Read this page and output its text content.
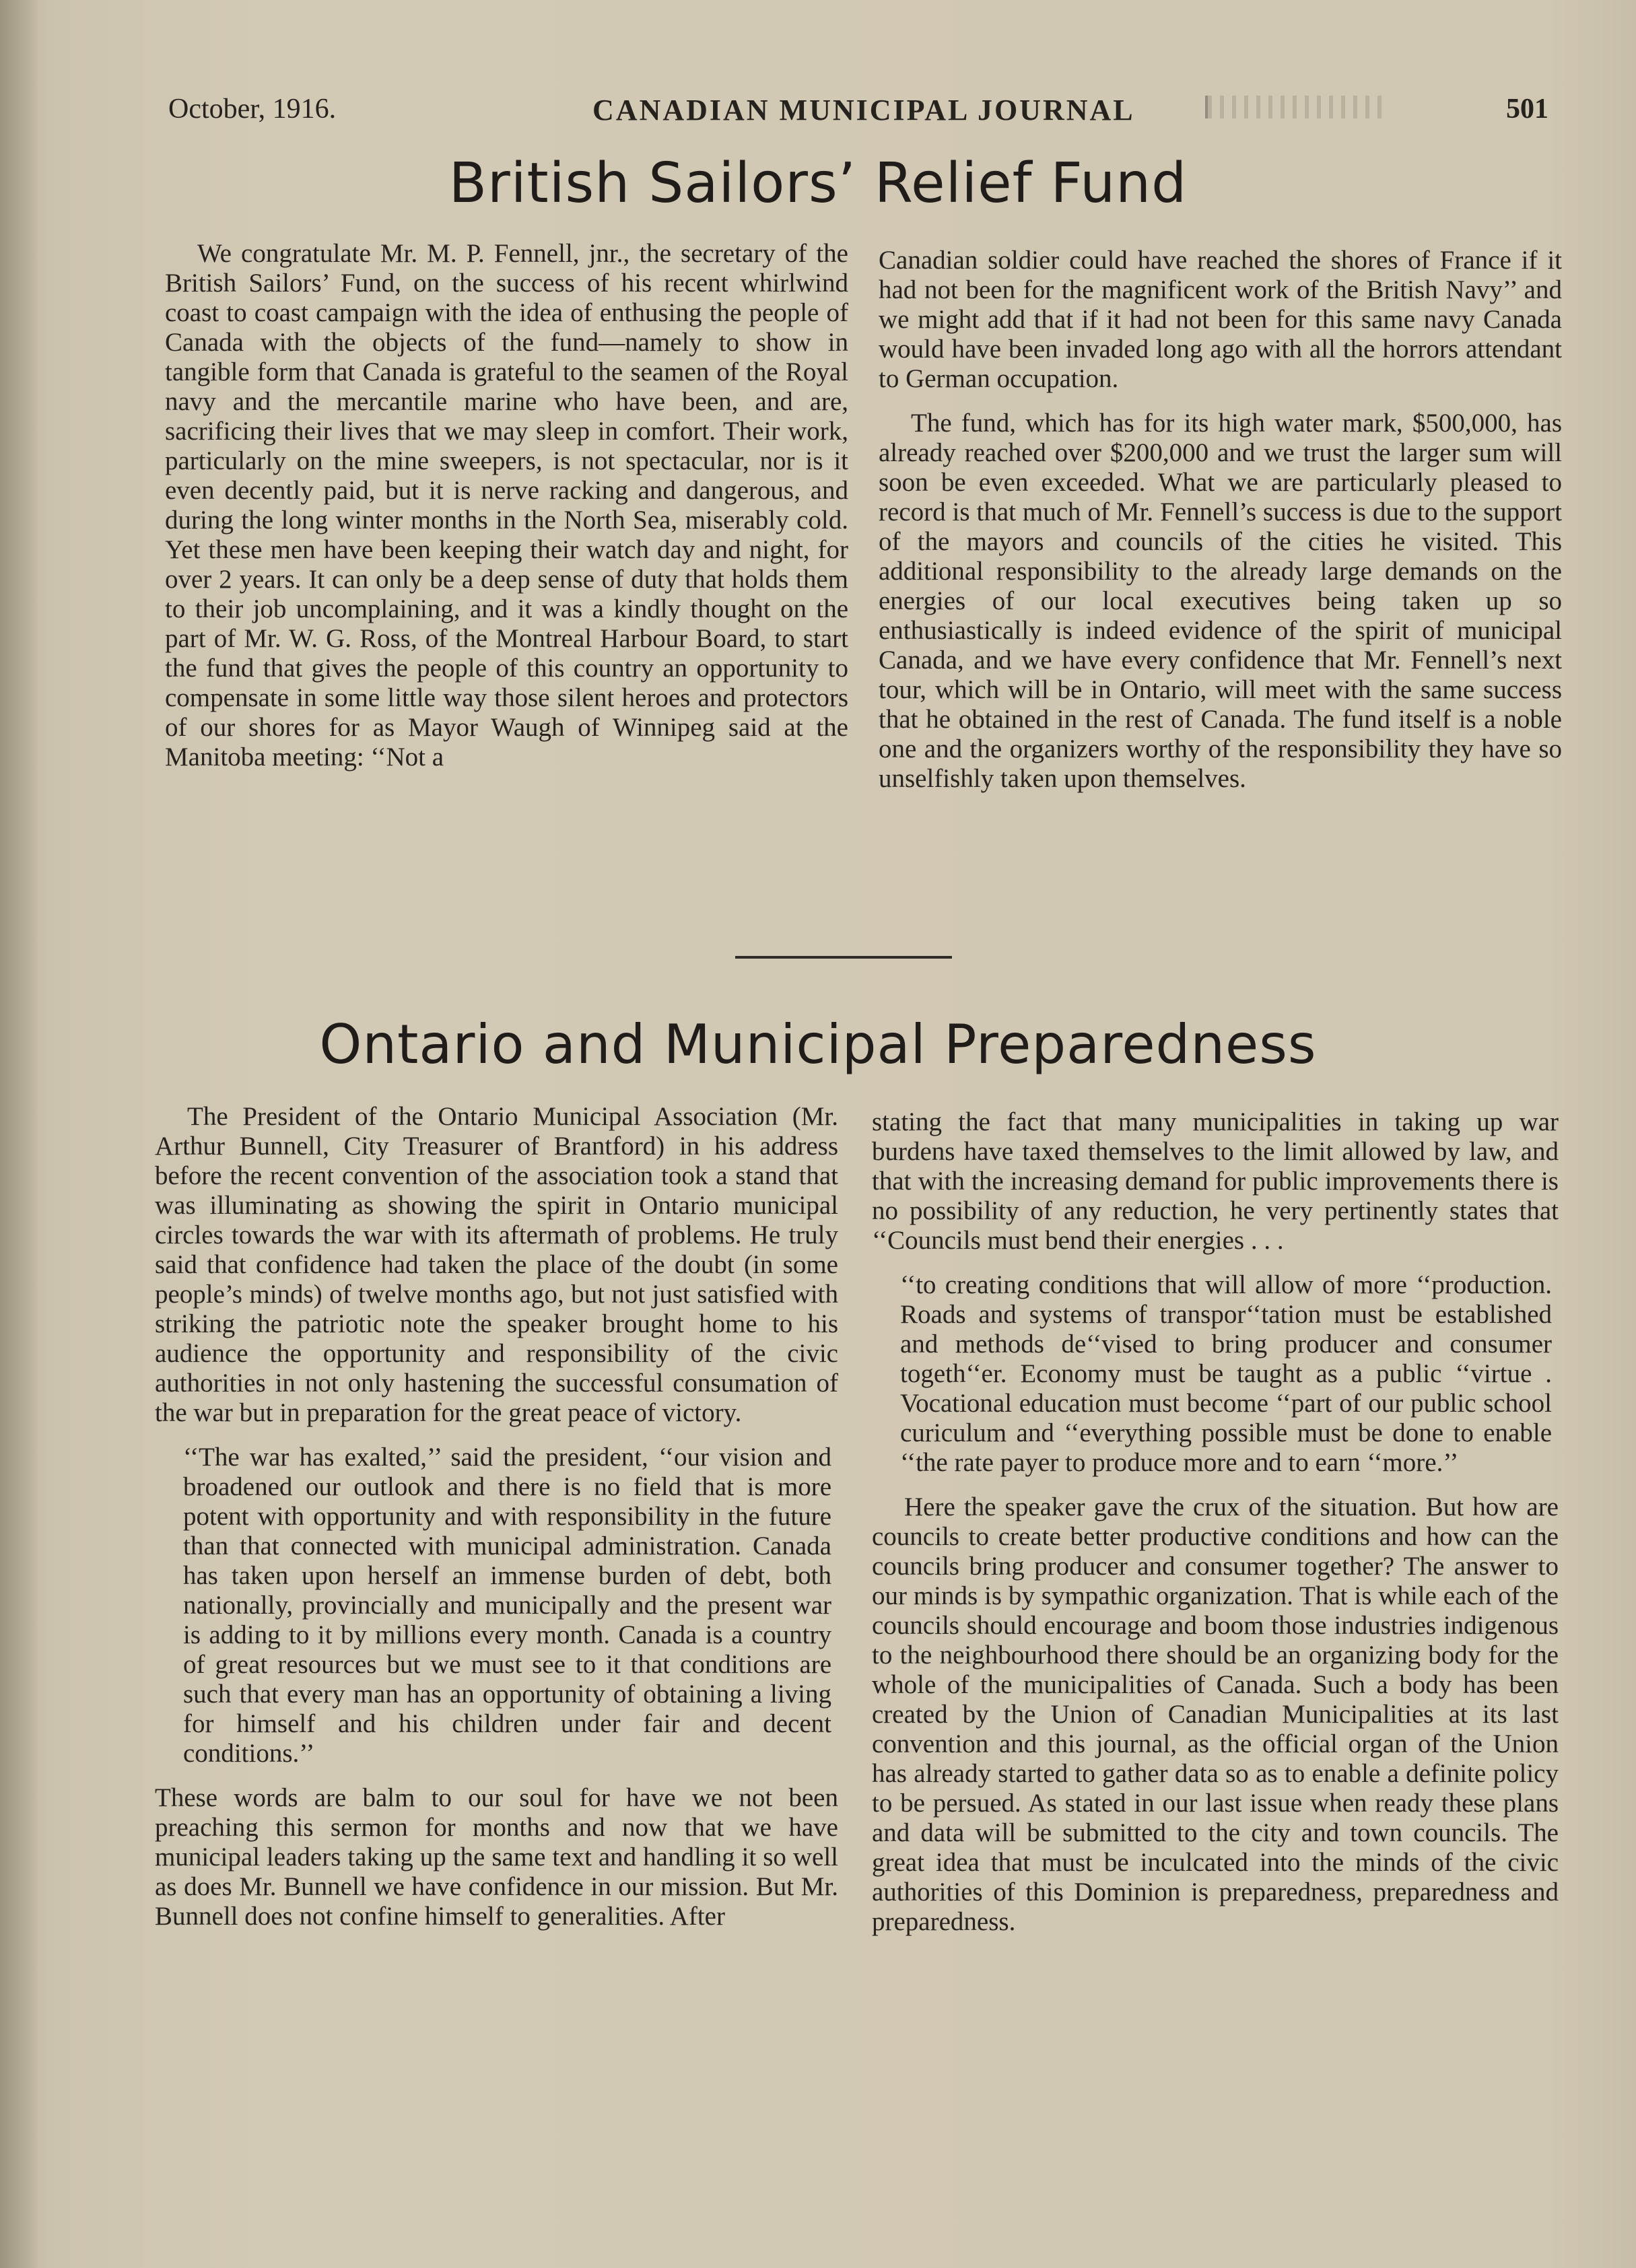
October, 1916.	CANADIAN MUNICIPAL JOURNAL	501
British Sailors’ Relief Fund

We congratulate Mr. M. P. Fennell, jnr., the secretary of the British Sailors’ Fund, on the success of his recent whirlwind coast to coast campaign with the idea of enthusing the people of Canada with the objects of the fund—namely to show in tangible form that Canada is grateful to the seamen of the Royal navy and the mercantile marine who have been, and are, sacrificing their lives that we may sleep in comfort. Their work, particularly on the mine sweepers, is not spectacular, nor is it even decently paid, but it is nerve racking and dangerous, and during the long winter months in the North Sea, miserably cold. Yet these men have been keeping their watch day and night, for over 2 years. It can only be a deep sense of duty that holds them to their job uncomplaining, and it was a kindly thought on the part of Mr. W. G. Ross, of the Montreal Harbour Board, to start the fund that gives the people of this country an opportunity to compensate in some little way those silent heroes and protectors of our shores for as Mayor Waugh of Winnipeg said at the Manitoba meeting: ‘‘Not a

Canadian soldier could have reached the shores of France if it had not been for the magnificent work of the British Navy’’ and we might add that if it had not been for this same navy Canada would have been invaded long ago with all the horrors attendant to German occupation.

The fund, which has for its high water mark, $500,000, has already reached over $200,000 and we trust the larger sum will soon be even exceeded. What we are particularly pleased to record is that much of Mr. Fennell’s success is due to the support of the mayors and councils of the cities he visited. This additional responsibility to the already large demands on the energies of our local executives being taken up so enthusiastically is indeed evidence of the spirit of municipal Canada, and we have every confidence that Mr. Fennell’s next tour, which will be in Ontario, will meet with the same success that he obtained in the rest of Canada. The fund itself is a noble one and the organizers worthy of the responsibility they have so unselfishly taken upon themselves.

Ontario and Municipal Preparedness

The President of the Ontario Municipal Association (Mr. Arthur Bunnell, City Treasurer of Brantford) in his address before the recent convention of the association took a stand that was illuminating as showing the spirit in Ontario municipal circles towards the war with its aftermath of problems. He truly said that confidence had taken the place of the doubt (in some people’s minds) of twelve months ago, but not just satisfied with striking the patriotic note the speaker brought home to his audience the opportunity and responsibility of the civic authorities in not only hastening the successful consumation of the war but in preparation for the great peace of victory.

‘‘The war has exalted,’’ said the president, ‘‘our vision and broadened our outlook and there is no field that is more potent with opportunity and with responsibility in the future than that connected with municipal administration. Canada has taken upon herself an immense burden of debt, both nationally, provincially and municipally and the present war is adding to it by millions every month. Canada is a country of great resources but we must see to it that conditions are such that every man has an opportunity of obtaining a living for himself and his children under fair and decent conditions.’’

These words are balm to our soul for have we not been preaching this sermon for months and now that we have municipal leaders taking up the same text and handling it so well as does Mr. Bunnell we have confidence in our mission. But Mr. Bunnell does not confine himself to generalities. After

stating the fact that many municipalities in taking up war burdens have taxed themselves to the limit allowed by law, and that with the increasing demand for public improvements there is no possibility of any reduction, he very pertinently states that ‘‘Councils must bend their energies . . .

‘‘to creating conditions that will allow of more ‘‘production. Roads and systems of transpor‘‘tation must be established and methods de‘‘vised to bring producer and consumer togeth‘‘er. Economy must be taught as a public ‘‘virtue . Vocational education must become ‘‘part of our public school curiculum and ‘‘everything possible must be done to enable ‘‘the rate payer to produce more and to earn ‘‘more.’’

Here the speaker gave the crux of the situation. But how are councils to create better productive conditions and how can the councils bring producer and consumer together? The answer to our minds is by sympathic organization. That is while each of the councils should encourage and boom those industries indigenous to the neighbourhood there should be an organizing body for the whole of the municipalities of Canada. Such a body has been created by the Union of Canadian Municipalities at its last convention and this journal, as the official organ of the Union has already started to gather data so as to enable a definite policy to be persued. As stated in our last issue when ready these plans and data will be submitted to the city and town councils. The great idea that must be inculcated into the minds of the civic authorities of this Dominion is preparedness, preparedness and preparedness.
